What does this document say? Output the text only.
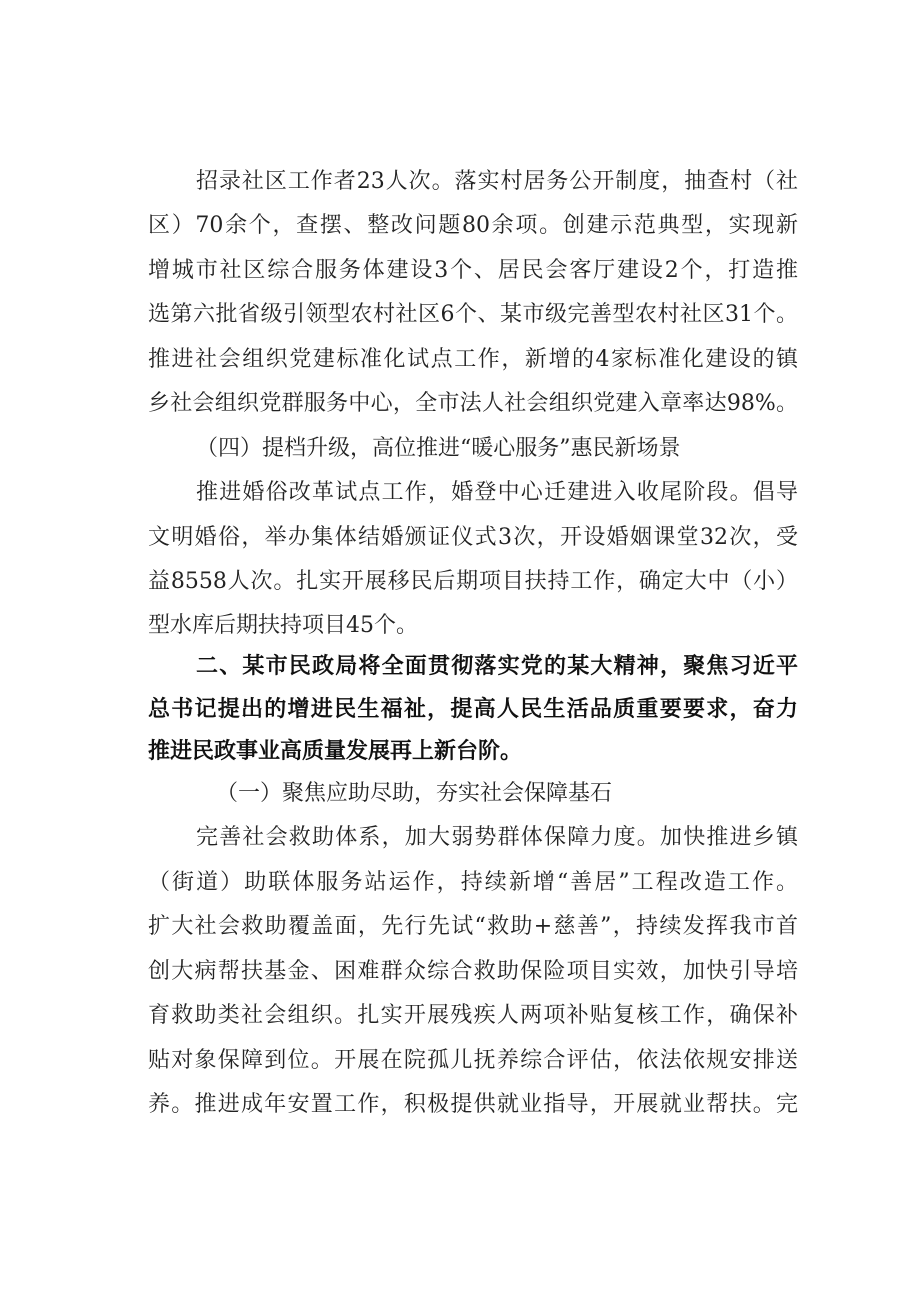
招录社区工作者23人次。落实村居务公开制度，抽查村（社

区）70余个，查摆、整改问题80余项。创建示范典型，实现新

增城市社区综合服务体建设3个、居民会客厅建设2个，打造推

选第六批省级引领型农村社区6个、某市级完善型农村社区31个。

推进社会组织党建标准化试点工作，新增的4家标准化建设的镇

乡社会组织党群服务中心，全市法人社会组织党建入章率达98%。

（四）提档升级，高位推进“暖心服务”惠民新场景

推进婚俗改革试点工作，婚登中心迁建进入收尾阶段。倡导

文明婚俗，举办集体结婚颁证仪式3次，开设婚姻课堂32次，受

益8558人次。扎实开展移民后期项目扶持工作，确定大中（小）

型水库后期扶持项目45个。

二、某市民政局将全面贯彻落实党的某大精神，聚焦习近平

总书记提出的增进民生福祉，提高人民生活品质重要要求，奋力

推进民政事业高质量发展再上新台阶。

（一）聚焦应助尽助，夯实社会保障基石

完善社会救助体系，加大弱势群体保障力度。加快推进乡镇

（街道）助联体服务站运作，持续新增“善居”工程改造工作。

扩大社会救助覆盖面，先行先试“救助+慈善”，持续发挥我市首

创大病帮扶基金、困难群众综合救助保险项目实效，加快引导培

育救助类社会组织。扎实开展残疾人两项补贴复核工作，确保补

贴对象保障到位。开展在院孤儿抚养综合评估，依法依规安排送

养。推进成年安置工作，积极提供就业指导，开展就业帮扶。完
